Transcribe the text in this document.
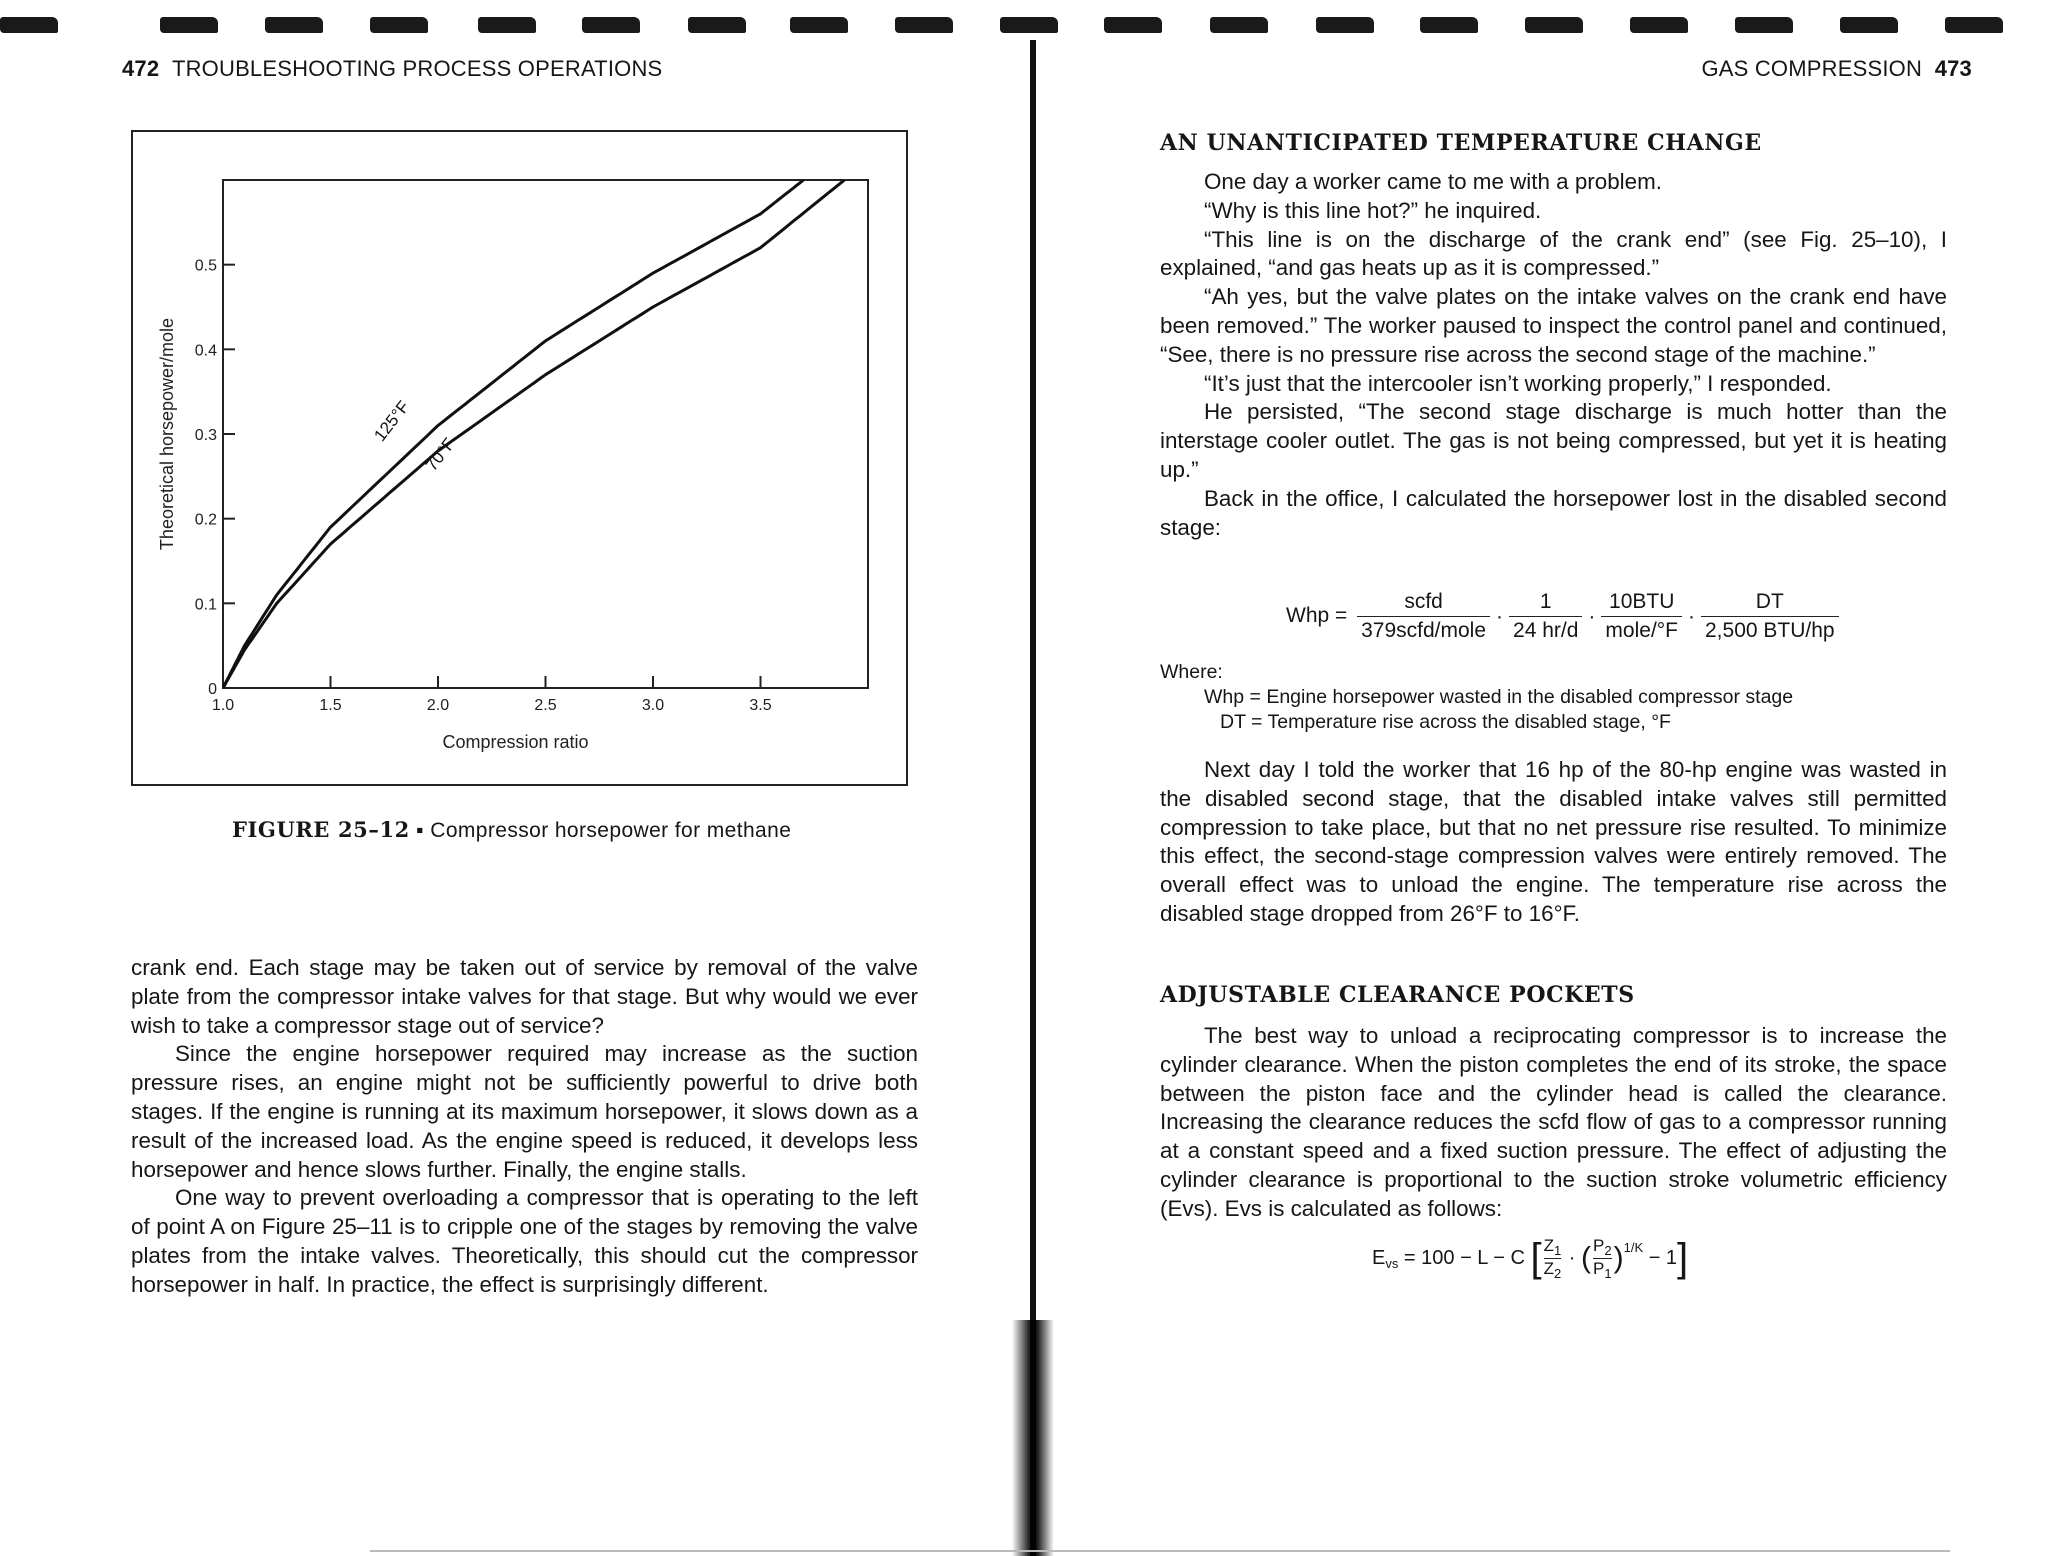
472 TROUBLESHOOTING PROCESS OPERATIONS
1.0	1.5	2.0	2.5	3.0	3.5
0
0.1
0.2
0.3
0.4
0.5
Compression ratio
Theoretical horsepower/mole	125°F
70°F
FIGURE 25–12 ▪ Compressor horsepower for methane

crank end. Each stage may be taken out of service by removal of the valve plate from the compressor intake valves for that stage. But why would we ever wish to take a compressor stage out of service?

Since the engine horsepower required may increase as the suction pressure rises, an engine might not be sufficiently powerful to drive both stages. If the engine is running at its maximum horsepower, it slows down as a result of the increased load. As the engine speed is reduced, it develops less horsepower and hence slows further. Finally, the engine stalls.

One way to prevent overloading a compressor that is operating to the left of point A on Figure 25–11 is to cripple one of the stages by removing the valve plates from the intake valves. Theoretically, this should cut the compressor horsepower in half. In practice, the effect is surprisingly different.

GAS COMPRESSION 473
AN UNANTICIPATED TEMPERATURE CHANGE

One day a worker came to me with a problem.

“Why is this line hot?” he inquired.

“This line is on the discharge of the crank end” (see Fig. 25–10), I explained, “and gas heats up as it is compressed.”

“Ah yes, but the valve plates on the intake valves on the crank end have been removed.” The worker paused to inspect the control panel and continued, “See, there is no pressure rise across the second stage of the machine.”

“It’s just that the intercooler isn’t working properly,” I responded.

He persisted, “The second stage discharge is much hotter than the interstage cooler outlet. The gas is not being compressed, but yet it is heating up.”

Back in the office, I calculated the horsepower lost in the disabled second stage:

Whp = $\frac{\text{scfd}}{\text{379scfd/mole}} \cdot \frac{1}{24 hr/d} \cdot \frac{\text{10BTU}}{\text{mole/°F}} \cdot \frac{DT}{\text{2,500 BTU/hp}}$
Where:
Whp = Engine horsepower wasted in the disabled compressor stage
DT = Temperature rise across the disabled stage, °F

Next day I told the worker that 16 hp of the 80-hp engine was wasted in the disabled second stage, that the disabled intake valves still permitted compression to take place, but that no net pressure rise resulted. To minimize this effect, the second-stage compression valves were entirely removed. The overall effect was to unload the engine. The temperature rise across the disabled stage dropped from 26°F to 16°F.

ADJUSTABLE CLEARANCE POCKETS

The best way to unload a reciprocating compressor is to increase the cylinder clearance. When the piston completes the end of its stroke, the space between the piston face and the cylinder head is called the clearance. Increasing the clearance reduces the scfd flow of gas to a compressor running at a constant speed and a fixed suction pressure. The effect of adjusting the cylinder clearance is proportional to the suction stroke volumetric efficiency (Evs). Evs is calculated as follows:

$E_{vs} = 100 - L - C$ [ $\frac{Z_1}{Z_2}$ · ( $\frac{P_2}{P_1})^{1/K} - 1$]
